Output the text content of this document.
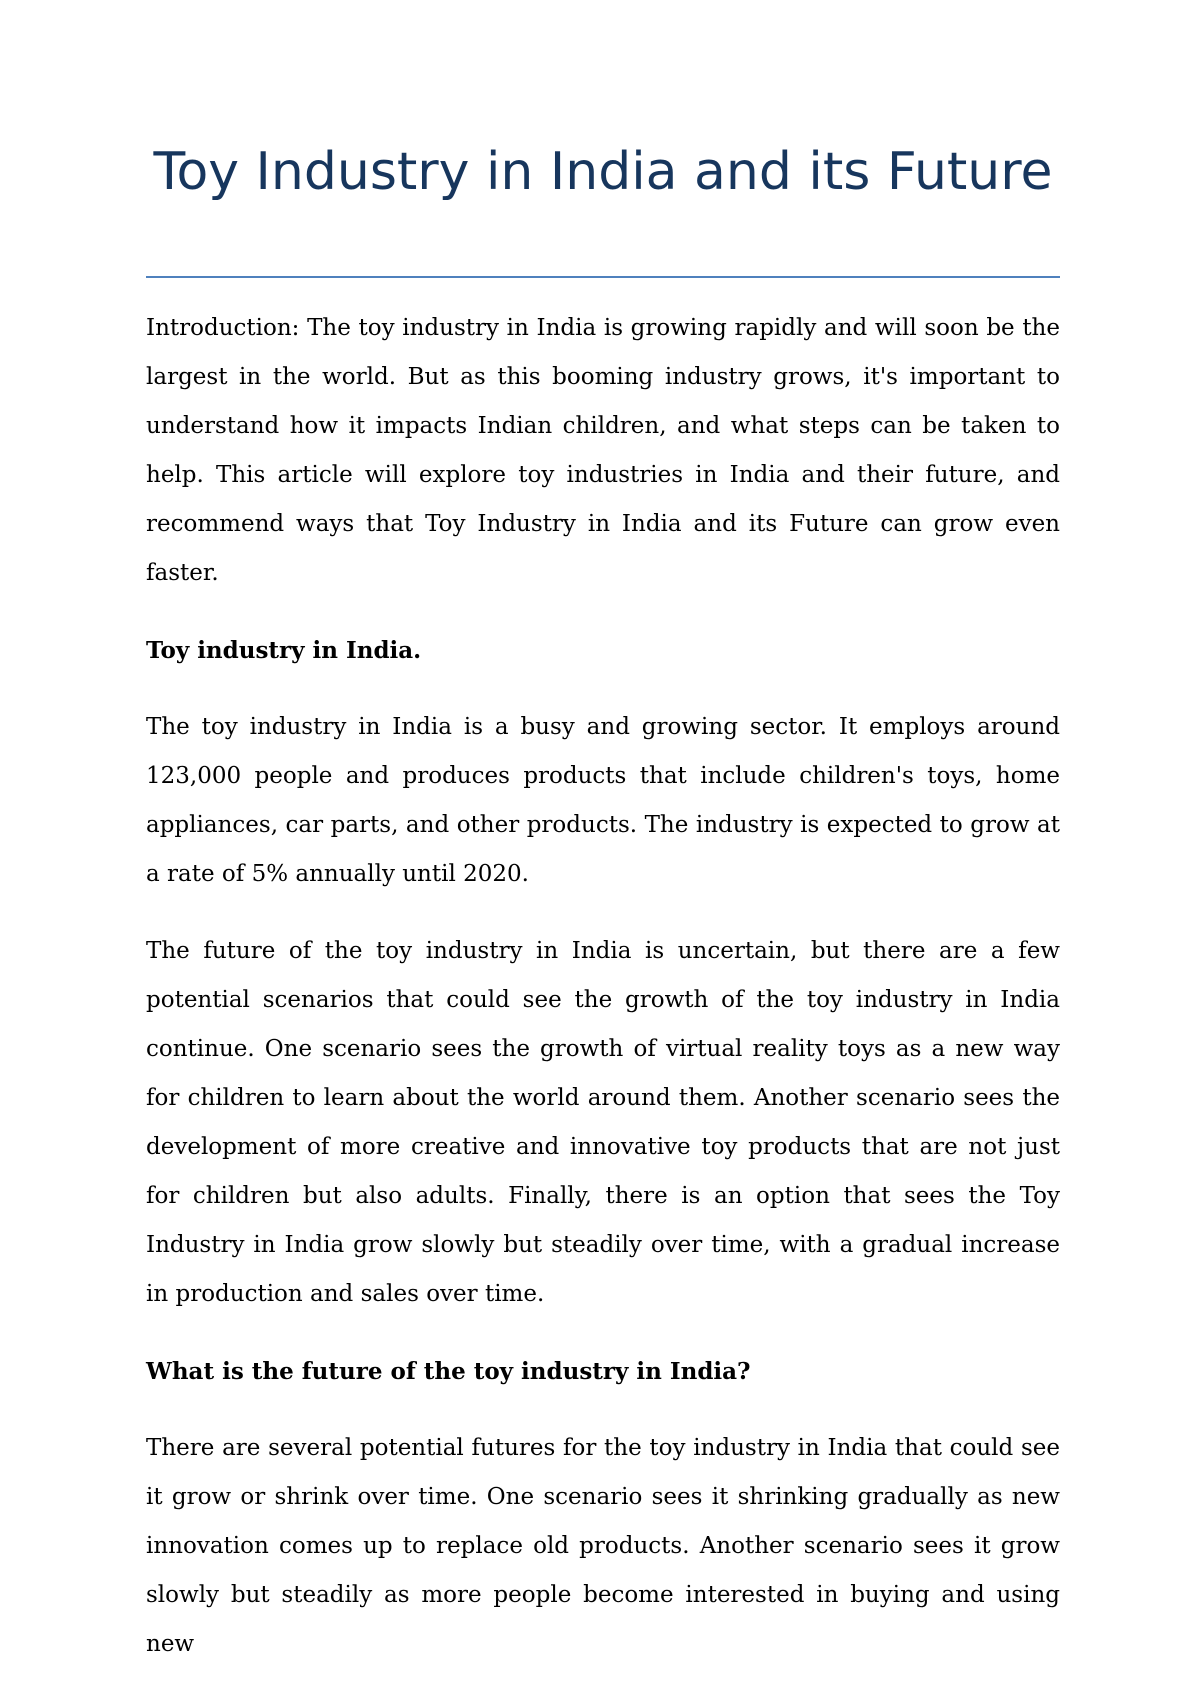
Toy Industry in India and its Future

Introduction: The toy industry in India is growing rapidly and will soon be the largest in the world. But as this booming industry grows, it's important to understand how it impacts Indian children, and what steps can be taken to help. This article will explore toy industries in India and their future, and recommend ways that Toy Industry in India and its Future can grow even faster.

Toy industry in India.

The toy industry in India is a busy and growing sector. It employs around 123,000 people and produces products that include children's toys, home appliances, car parts, and other products. The industry is expected to grow at a rate of 5% annually until 2020.

The future of the toy industry in India is uncertain, but there are a few potential scenarios that could see the growth of the toy industry in India continue. One scenario sees the growth of virtual reality toys as a new way for children to learn about the world around them. Another scenario sees the development of more creative and innovative toy products that are not just for children but also adults. Finally, there is an option that sees the Toy Industry in India grow slowly but steadily over time, with a gradual increase in production and sales over time.

What is the future of the toy industry in India?

There are several potential futures for the toy industry in India that could see it grow or shrink over time. One scenario sees it shrinking gradually as new innovation comes up to replace old products. Another scenario sees it grow slowly but steadily as more people become interested in buying and using new
